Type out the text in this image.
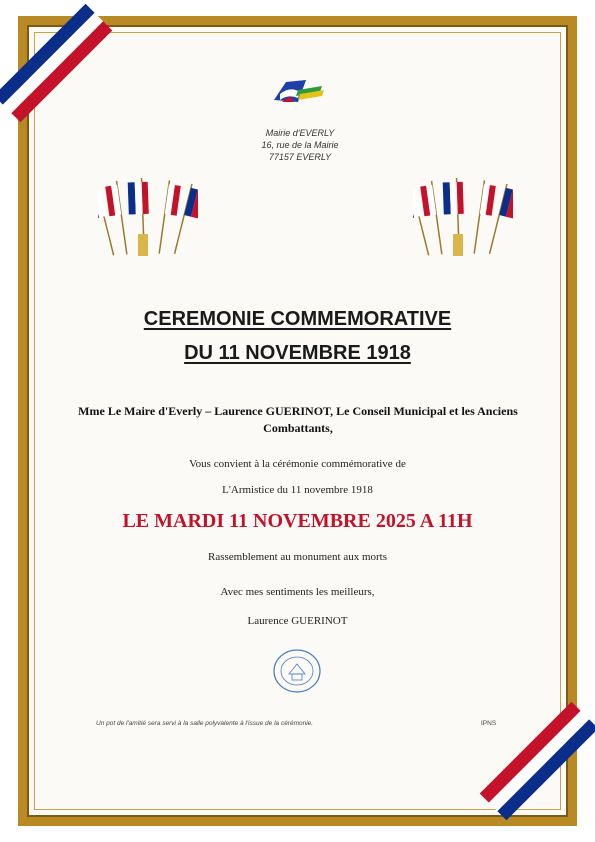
Mairie d'EVERLY
16, rue de la Mairie
77157 EVERLY
CEREMONIE COMMEMORATIVE
DU 11 NOVEMBRE 1918
Mme Le Maire d'Everly – Laurence GUERINOT, Le Conseil Municipal et les Anciens Combattants,
Vous convient à la cérémonie commémorative de
L'Armistice du 11 novembre 1918
LE MARDI 11 NOVEMBRE 2025 A 11H
Rassemblement au monument aux morts
Avec mes sentiments les meilleurs,
Laurence GUERINOT
Un pot de l'amitié sera servi à la salle polyvalente à l'issue de la cérémonie.	IPNS
